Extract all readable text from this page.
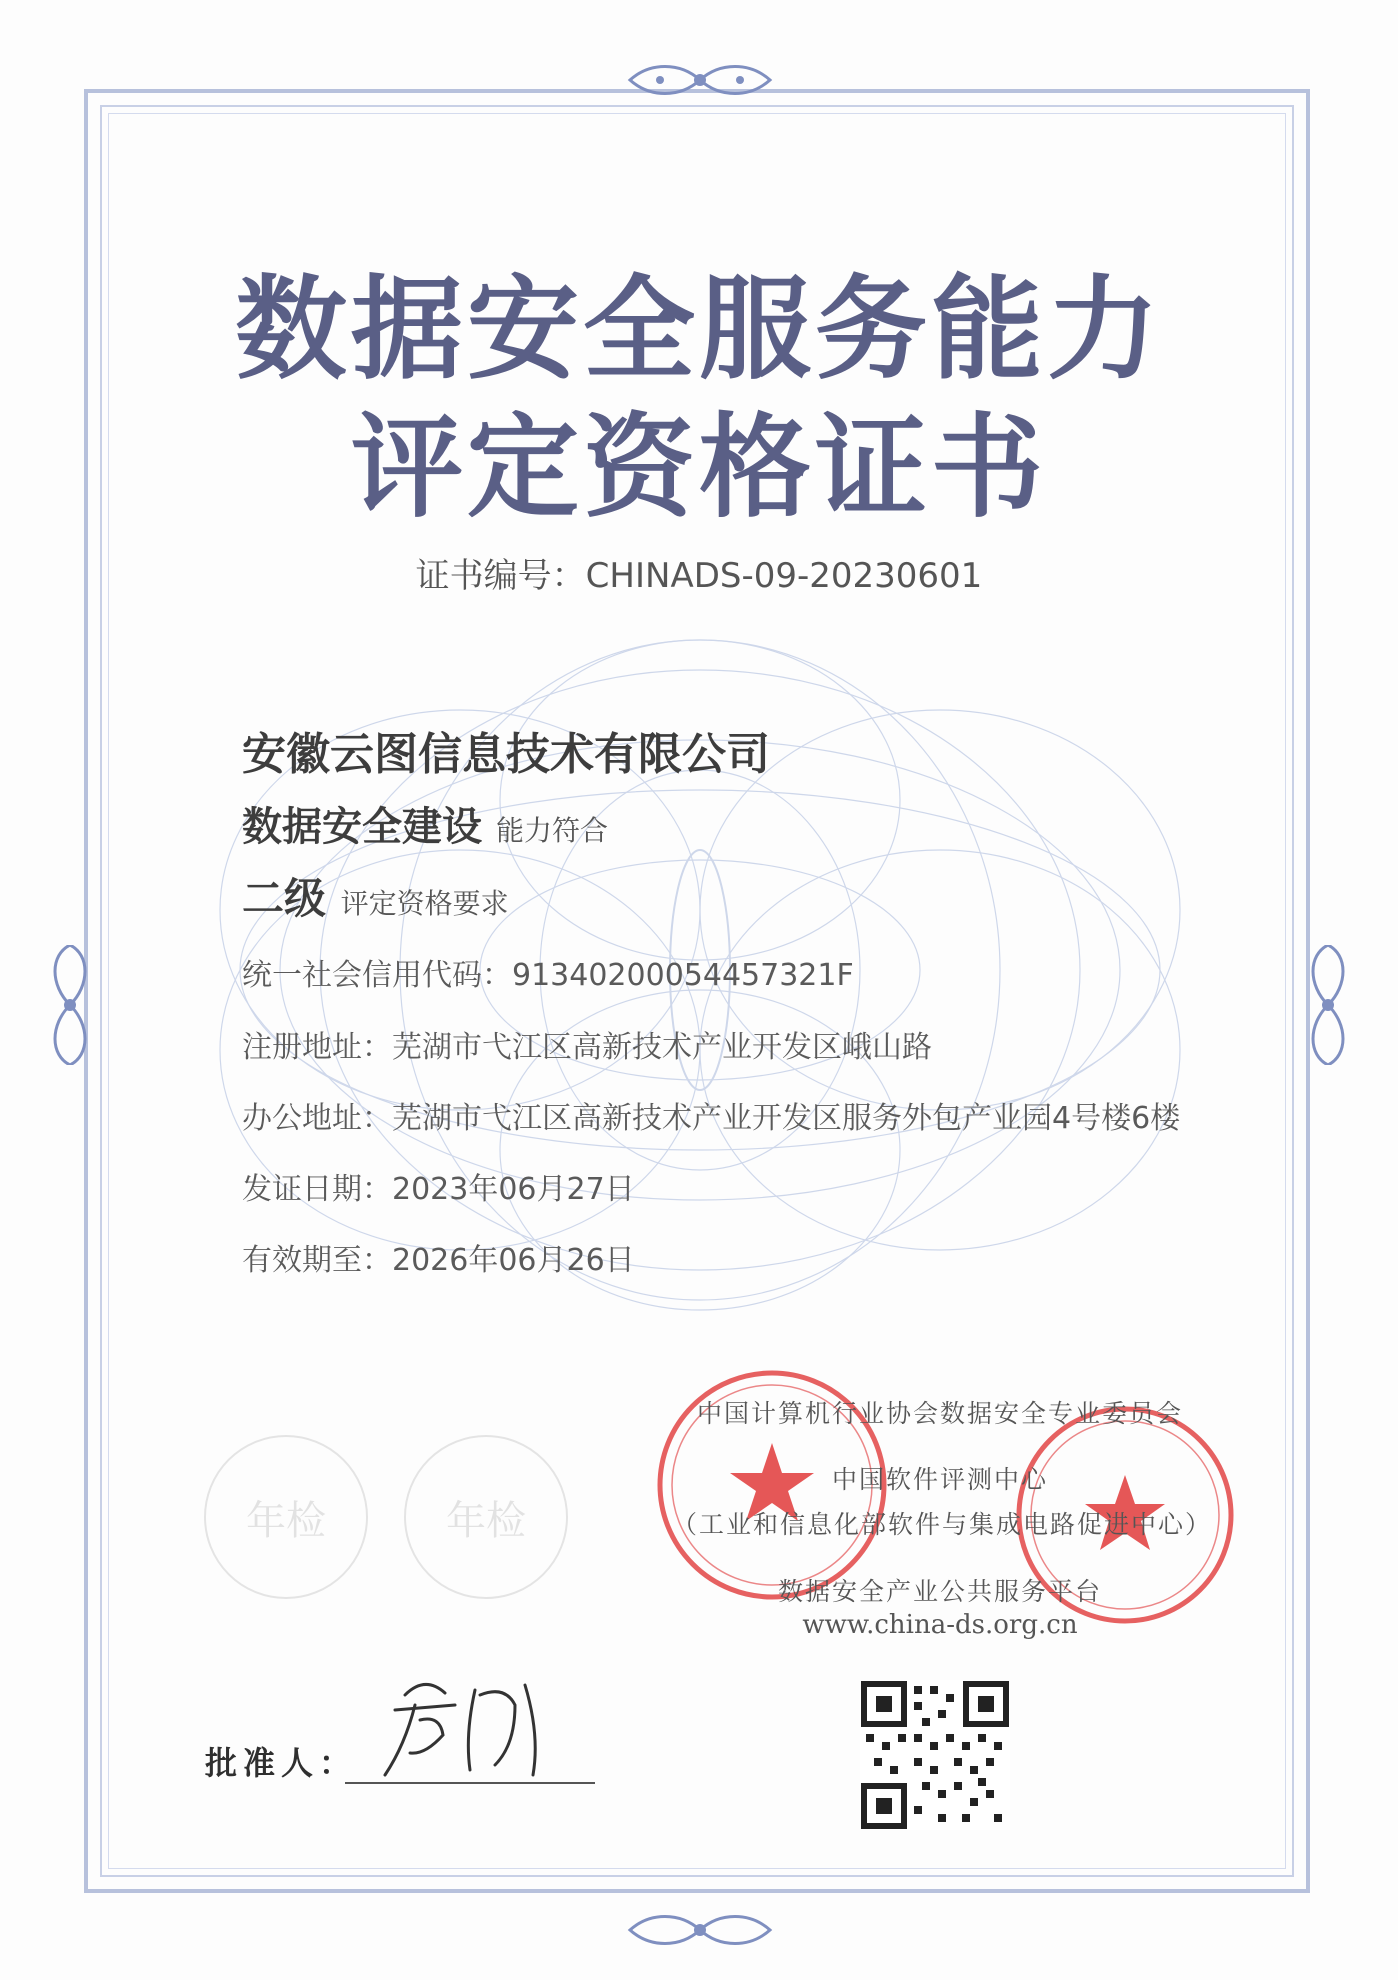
数据安全服务能力
评定资格证书
证书编号：CHINADS-09-20230601
安徽云图信息技术有限公司
数据安全建设 能力符合
二级 评定资格要求
统一社会信用代码：91340200054457321F
注册地址：芜湖市弋江区高新技术产业开发区峨山路
办公地址：芜湖市弋江区高新技术产业开发区服务外包产业园4号楼6楼
发证日期：2023年06月27日
有效期至：2026年06月26日
年检	年检
中国计算机行业协会数据安全专业委员会
中国软件评测中心
（工业和信息化部软件与集成电路促进中心）
数据安全产业公共服务平台
www.china-ds.org.cn
批准人：
